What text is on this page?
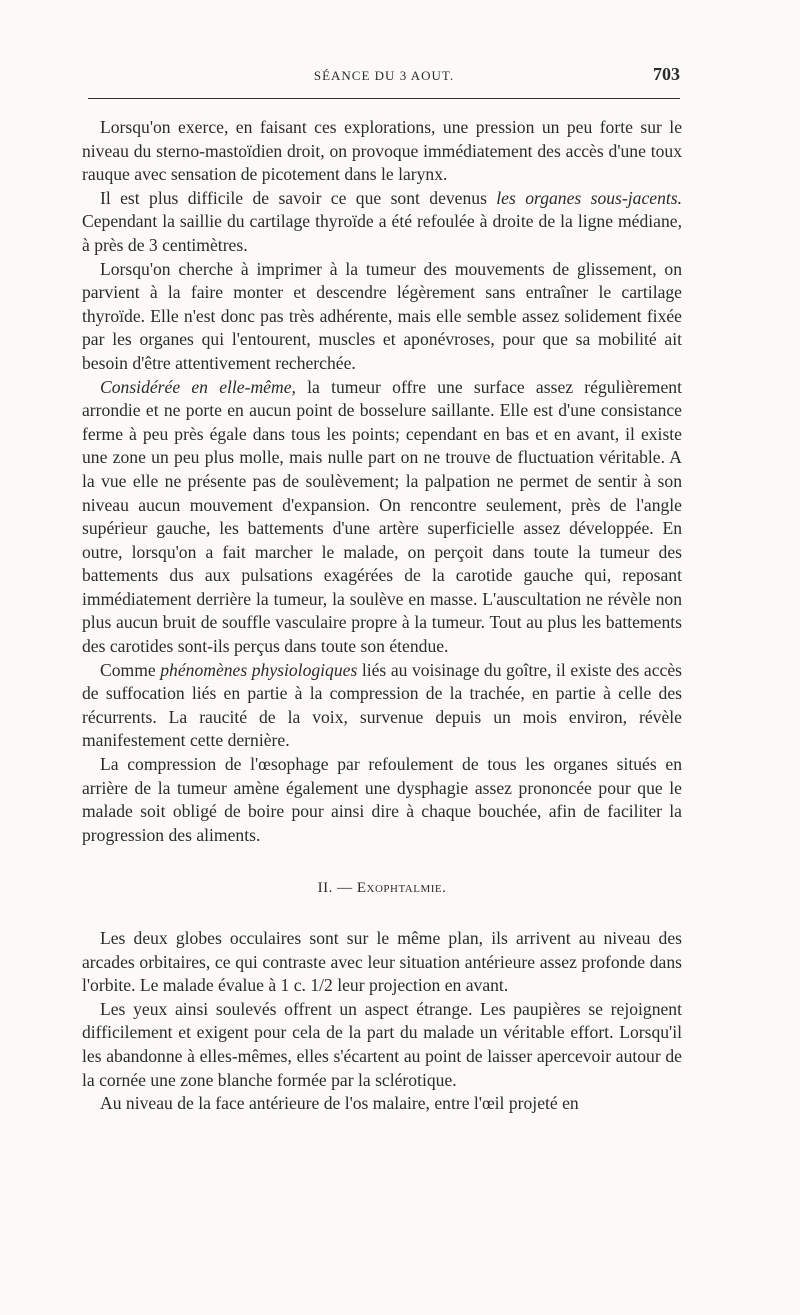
SÉANCE DU 3 AOUT.	703

Lorsqu'on exerce, en faisant ces explorations, une pression un peu forte sur le niveau du sterno-mastoïdien droit, on provoque immédiatement des accès d'une toux rauque avec sensation de picotement dans le larynx.

Il est plus difficile de savoir ce que sont devenus les organes sous-jacents. Cependant la saillie du cartilage thyroïde a été refoulée à droite de la ligne médiane, à près de 3 centimètres.

Lorsqu'on cherche à imprimer à la tumeur des mouvements de glissement, on parvient à la faire monter et descendre légèrement sans entraîner le cartilage thyroïde. Elle n'est donc pas très adhérente, mais elle semble assez solidement fixée par les organes qui l'entourent, muscles et aponévroses, pour que sa mobilité ait besoin d'être attentivement recherchée.

Considérée en elle-même, la tumeur offre une surface assez régulièrement arrondie et ne porte en aucun point de bosselure saillante. Elle est d'une consistance ferme à peu près égale dans tous les points; cependant en bas et en avant, il existe une zone un peu plus molle, mais nulle part on ne trouve de fluctuation véritable. A la vue elle ne présente pas de soulèvement; la palpation ne permet de sentir à son niveau aucun mouvement d'expansion. On rencontre seulement, près de l'angle supérieur gauche, les battements d'une artère superficielle assez développée. En outre, lorsqu'on a fait marcher le malade, on perçoit dans toute la tumeur des battements dus aux pulsations exagérées de la carotide gauche qui, reposant immédiatement derrière la tumeur, la soulève en masse. L'auscultation ne révèle non plus aucun bruit de souffle vasculaire propre à la tumeur. Tout au plus les battements des carotides sont-ils perçus dans toute son étendue.

Comme phénomènes physiologiques liés au voisinage du goître, il existe des accès de suffocation liés en partie à la compression de la trachée, en partie à celle des récurrents. La raucité de la voix, survenue depuis un mois environ, révèle manifestement cette dernière.

La compression de l'œsophage par refoulement de tous les organes situés en arrière de la tumeur amène également une dysphagie assez prononcée pour que le malade soit obligé de boire pour ainsi dire à chaque bouchée, afin de faciliter la progression des aliments.

II. — Exophtalmie.

Les deux globes occulaires sont sur le même plan, ils arrivent au niveau des arcades orbitaires, ce qui contraste avec leur situation antérieure assez profonde dans l'orbite. Le malade évalue à 1 c. 1/2 leur projection en avant.

Les yeux ainsi soulevés offrent un aspect étrange. Les paupières se rejoignent difficilement et exigent pour cela de la part du malade un véritable effort. Lorsqu'il les abandonne à elles-mêmes, elles s'écartent au point de laisser apercevoir autour de la cornée une zone blanche formée par la sclérotique.

Au niveau de la face antérieure de l'os malaire, entre l'œil projeté en
